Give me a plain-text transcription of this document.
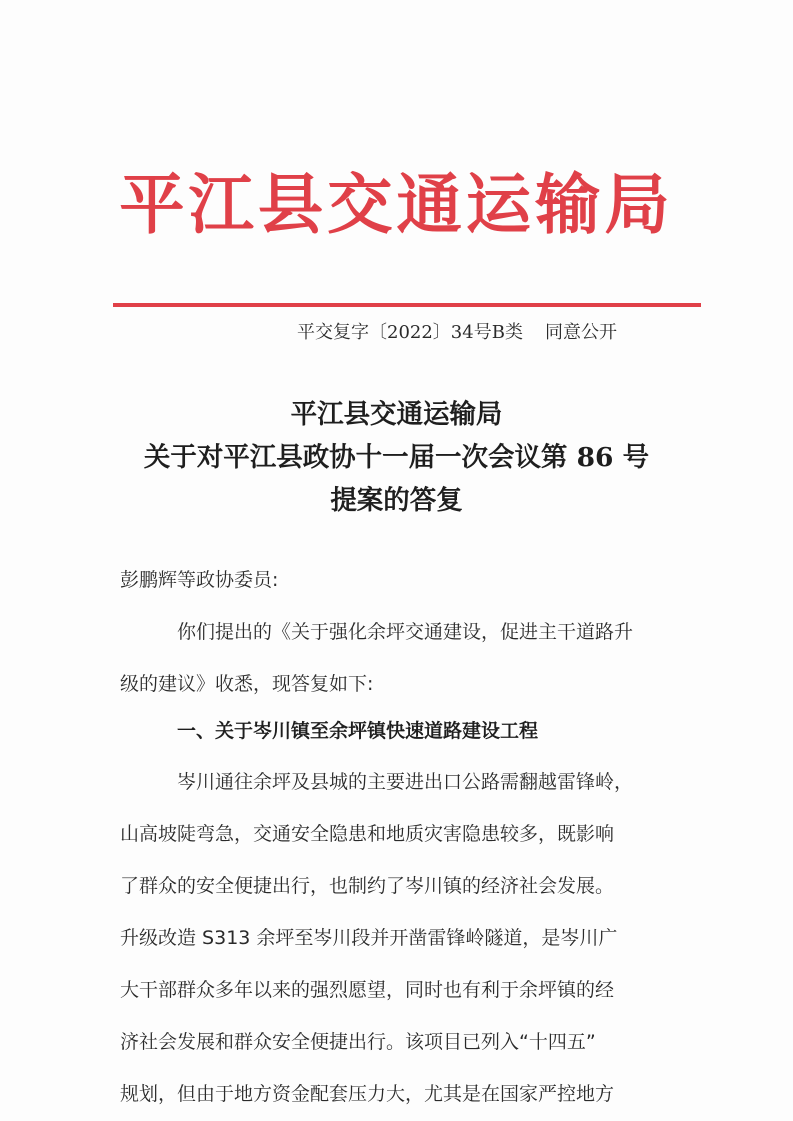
平江县交通运输局
平交复字〔2022〕34号B类 同意公开
平江县交通运输局
关于对平江县政协十一届一次会议第 86 号
提案的答复
彭鹏辉等政协委员:
你们提出的《关于强化余坪交通建设，促进主干道路升
级的建议》收悉，现答复如下:
一、关于岑川镇至余坪镇快速道路建设工程
岑川通往余坪及县城的主要进出口公路需翻越雷锋岭，
山高坡陡弯急，交通安全隐患和地质灾害隐患较多，既影响
了群众的安全便捷出行，也制约了岑川镇的经济社会发展。
升级改造 S313 余坪至岑川段并开凿雷锋岭隧道，是岑川广
大干部群众多年以来的强烈愿望，同时也有利于余坪镇的经
济社会发展和群众安全便捷出行。该项目已列入“十四五”
规划，但由于地方资金配套压力大，尤其是在国家严控地方
